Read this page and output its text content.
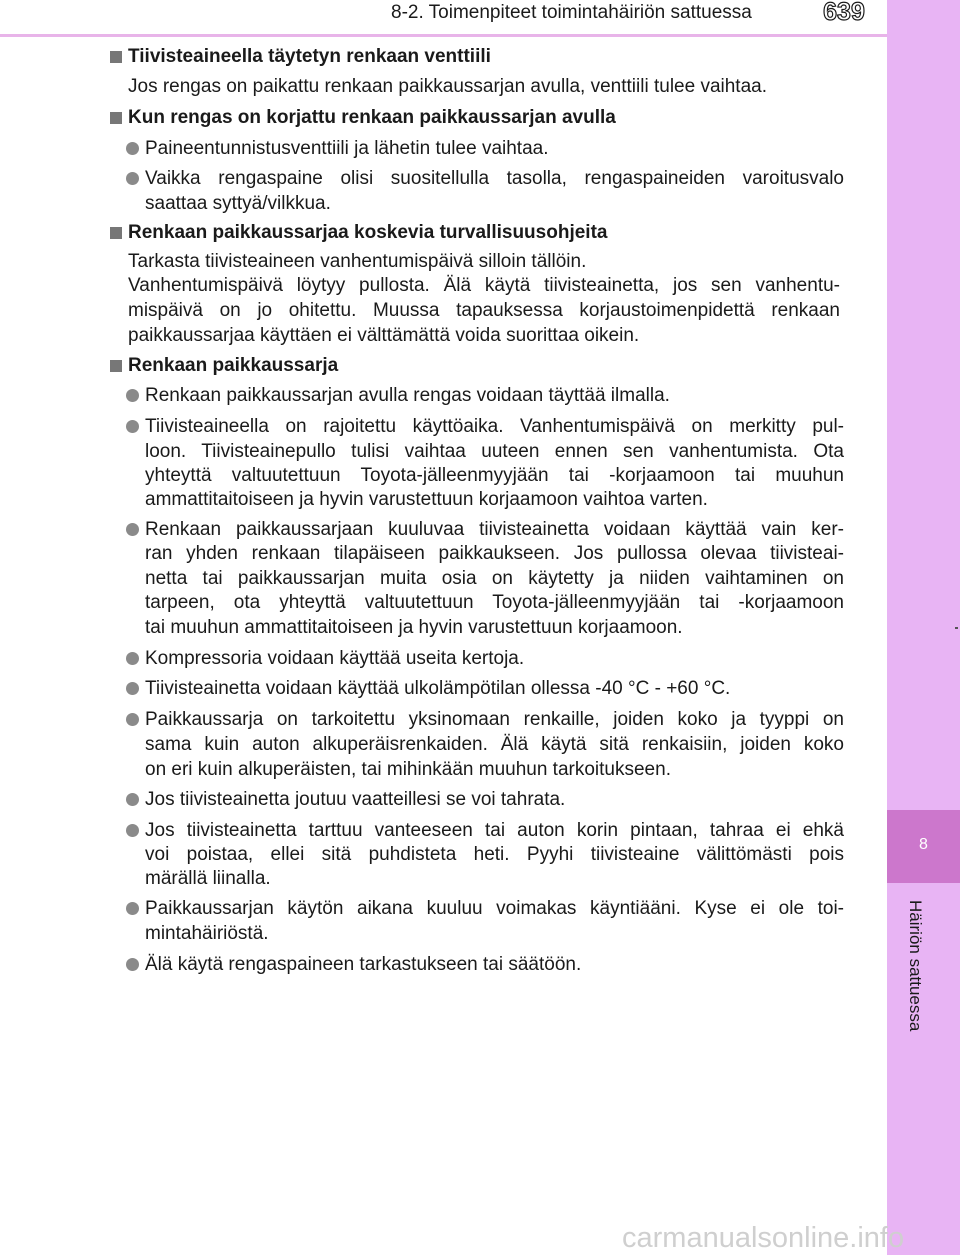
8-2. Toimenpiteet toimintahäiriön sattuessa	639
8
Häiriön sattuessa
Tiivisteaineella täytetyn renkaan venttiili
Jos rengas on paikattu renkaan paikkaussarjan avulla, venttiili tulee vaihtaa.
Kun rengas on korjattu renkaan paikkaussarjan avulla
Paineentunnistusventtiili ja lähetin tulee vaihtaa.
Vaikka rengaspaine olisi suositellulla tasolla, rengaspaineiden varoitusvalo
saattaa syttyä/vilkkua.
Renkaan paikkaussarjaa koskevia turvallisuusohjeita
Tarkasta tiivisteaineen vanhentumispäivä silloin tällöin.
Vanhentumispäivä löytyy pullosta. Älä käytä tiivisteainetta, jos sen vanhentu-
mispäivä on jo ohitettu. Muussa tapauksessa korjaustoimenpidettä renkaan
paikkaussarjaa käyttäen ei välttämättä voida suorittaa oikein.
Renkaan paikkaussarja
Renkaan paikkaussarjan avulla rengas voidaan täyttää ilmalla.
Tiivisteaineella on rajoitettu käyttöaika. Vanhentumispäivä on merkitty pul-
loon. Tiivisteainepullo tulisi vaihtaa uuteen ennen sen vanhentumista. Ota
yhteyttä valtuutettuun Toyota-jälleenmyyjään tai -korjaamoon tai muuhun
ammattitaitoiseen ja hyvin varustettuun korjaamoon vaihtoa varten.
Renkaan paikkaussarjaan kuuluvaa tiivisteainetta voidaan käyttää vain ker-
ran yhden renkaan tilapäiseen paikkaukseen. Jos pullossa olevaa tiivisteai-
netta tai paikkaussarjan muita osia on käytetty ja niiden vaihtaminen on
tarpeen, ota yhteyttä valtuutettuun Toyota-jälleenmyyjään tai -korjaamoon
tai muuhun ammattitaitoiseen ja hyvin varustettuun korjaamoon.
Kompressoria voidaan käyttää useita kertoja.
Tiivisteainetta voidaan käyttää ulkolämpötilan ollessa -40 °C - +60 °C.
Paikkaussarja on tarkoitettu yksinomaan renkaille, joiden koko ja tyyppi on
sama kuin auton alkuperäisrenkaiden. Älä käytä sitä renkaisiin, joiden koko
on eri kuin alkuperäisten, tai mihinkään muuhun tarkoitukseen.
Jos tiivisteainetta joutuu vaatteillesi se voi tahrata.
Jos tiivisteainetta tarttuu vanteeseen tai auton korin pintaan, tahraa ei ehkä
voi poistaa, ellei sitä puhdisteta heti. Pyyhi tiivisteaine välittömästi pois
märällä liinalla.
Paikkaussarjan käytön aikana kuuluu voimakas käyntiääni. Kyse ei ole toi-
mintahäiriöstä.
Älä käytä rengaspaineen tarkastukseen tai säätöön.
carmanualsonline.info
